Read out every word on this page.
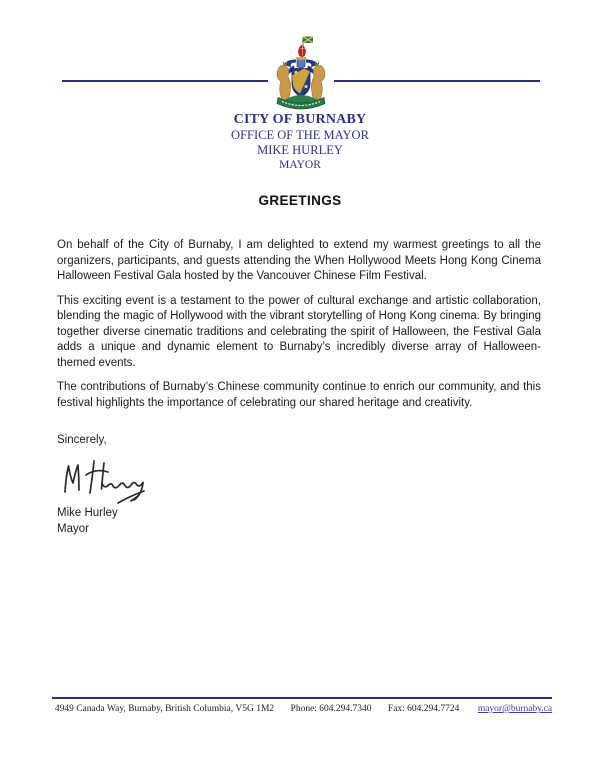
CITY OF BURNABY
OFFICE OF THE MAYOR
MIKE HURLEY
MAYOR
GREETINGS

On behalf of the City of Burnaby, I am delighted to extend my warmest greetings to all the organizers, participants, and guests attending the When Hollywood Meets Hong Kong Cinema Halloween Festival Gala hosted by the Vancouver Chinese Film Festival.

This exciting event is a testament to the power of cultural exchange and artistic collaboration, blending the magic of Hollywood with the vibrant storytelling of Hong Kong cinema. By bringing together diverse cinematic traditions and celebrating the spirit of Halloween, the Festival Gala adds a unique and dynamic element to Burnaby’s incredibly diverse array of Halloween-themed events.

The contributions of Burnaby’s Chinese community continue to enrich our community, and this festival highlights the importance of celebrating our shared heritage and creativity.

Sincerely,
Mike Hurley
Mayor
4949 Canada Way, Burnaby, British Columbia, V5G 1M2 Phone: 604.294.7340 Fax: 604.294.7724 mayor@burnaby.ca
